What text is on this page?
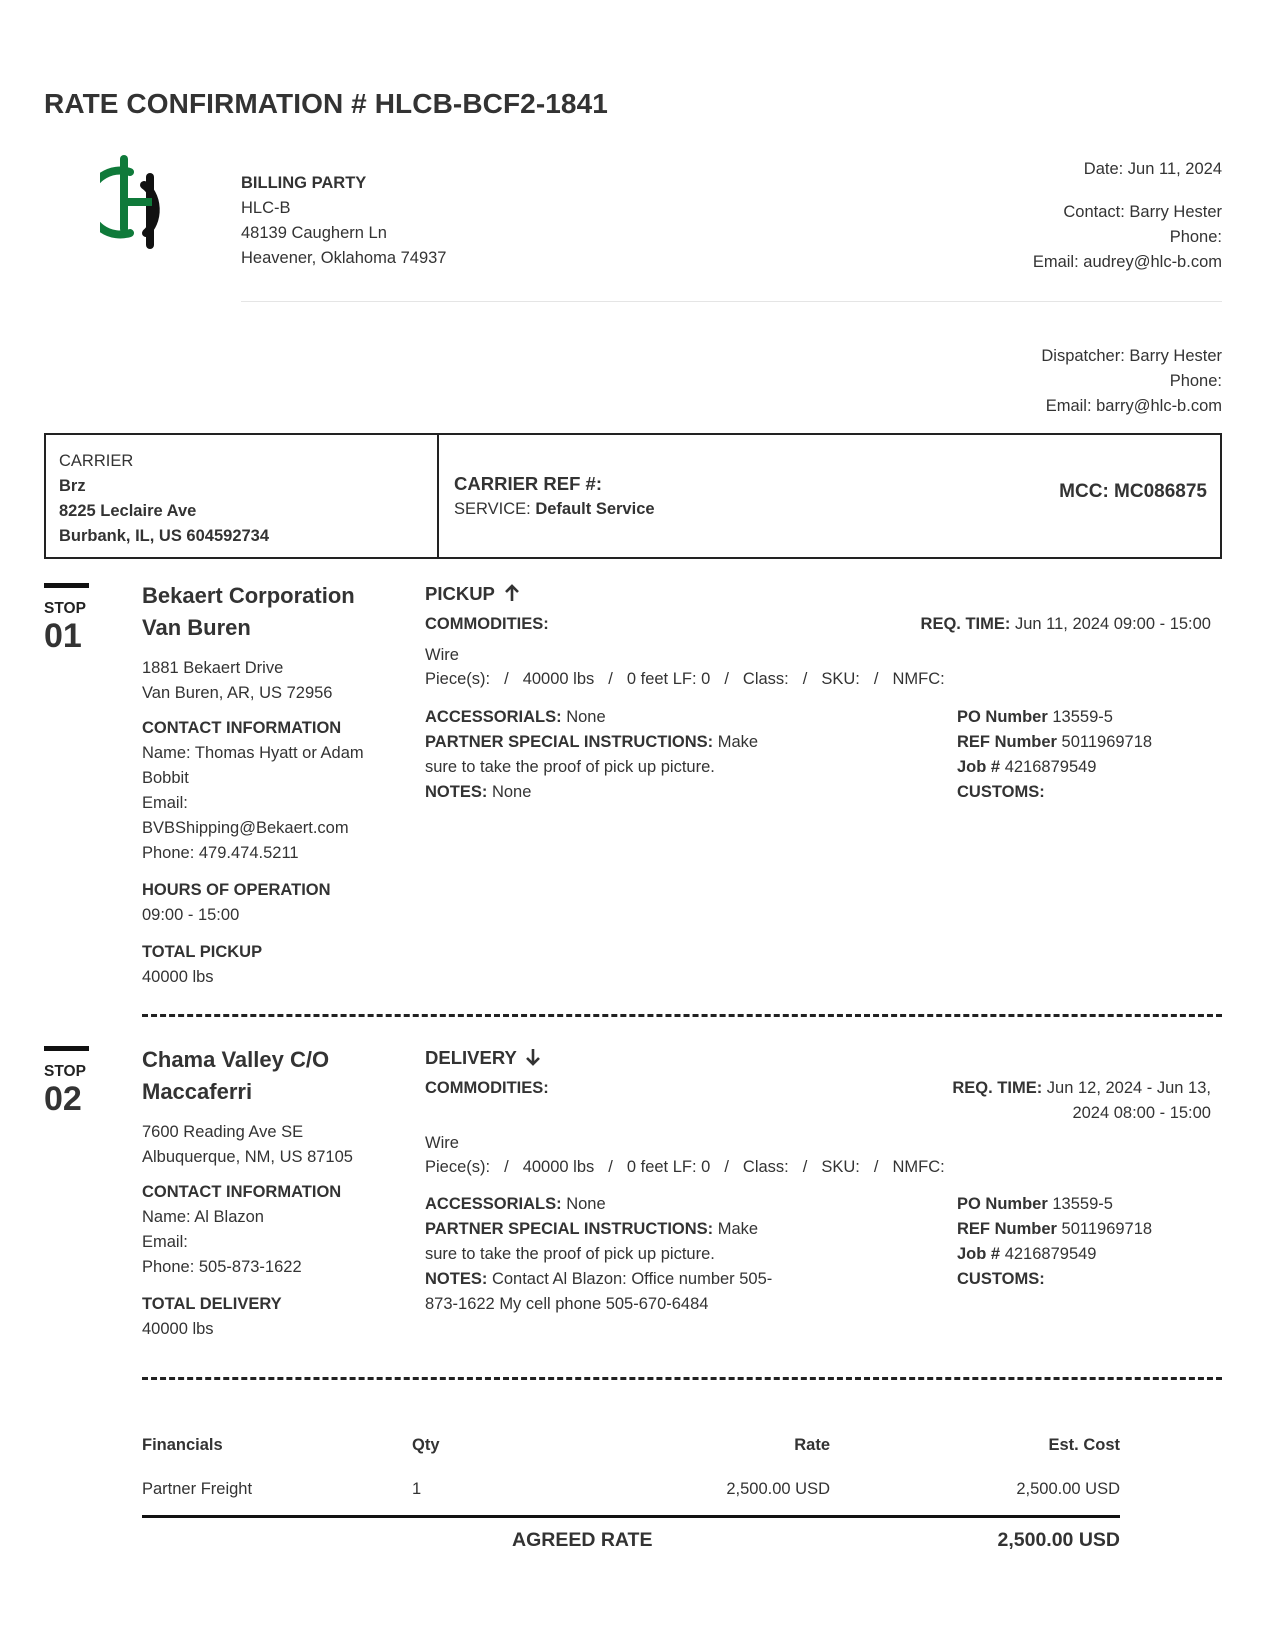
RATE CONFIRMATION # HLCB-BCF2-1841
BILLING PARTY
HLC-B
48139 Caughern Ln
Heavener, Oklahoma 74937
Date: Jun 11, 2024
Contact: Barry Hester
Phone:
Email: audrey@hlc-b.com
Dispatcher: Barry Hester
Phone:
Email: barry@hlc-b.com
CARRIER
Brz
8225 Leclaire Ave
Burbank, IL, US 604592734
CARRIER REF #:
SERVICE: Default Service
MCC: MC086875
STOP
01
Bekaert Corporation
Van Buren
1881 Bekaert Drive
Van Buren, AR, US 72956
CONTACT INFORMATION
Name: Thomas Hyatt or Adam
Bobbit
Email:
BVBShipping@Bekaert.com
Phone: 479.474.5211
HOURS OF OPERATION
09:00 - 15:00
TOTAL PICKUP
40000 lbs
PICKUP
COMMODITIES:	REQ. TIME: Jun 11, 2024 09:00 - 15:00
Wire
Piece(s): / 40000 lbs / 0 feet LF: 0 / Class: / SKU: / NMFC:
ACCESSORIALS: None
PARTNER SPECIAL INSTRUCTIONS: Make
sure to take the proof of pick up picture.
NOTES: None
PO Number 13559-5
REF Number 5011969718
Job # 4216879549
CUSTOMS:
STOP
02
Chama Valley C/O
Maccaferri
7600 Reading Ave SE
Albuquerque, NM, US 87105
CONTACT INFORMATION
Name: Al Blazon
Email:
Phone: 505-873-1622
TOTAL DELIVERY
40000 lbs
DELIVERY
COMMODITIES:	REQ. TIME: Jun 12, 2024 - Jun 13,
2024 08:00 - 15:00
Wire
Piece(s): / 40000 lbs / 0 feet LF: 0 / Class: / SKU: / NMFC:
ACCESSORIALS: None
PARTNER SPECIAL INSTRUCTIONS: Make
sure to take the proof of pick up picture.
NOTES: Contact Al Blazon: Office number 505-
873-1622 My cell phone 505-670-6484
PO Number 13559-5
REF Number 5011969718
Job # 4216879549
CUSTOMS:
Financials	Qty	Rate	Est. Cost
Partner Freight	1	2,500.00 USD	2,500.00 USD
AGREED RATE	2,500.00 USD
